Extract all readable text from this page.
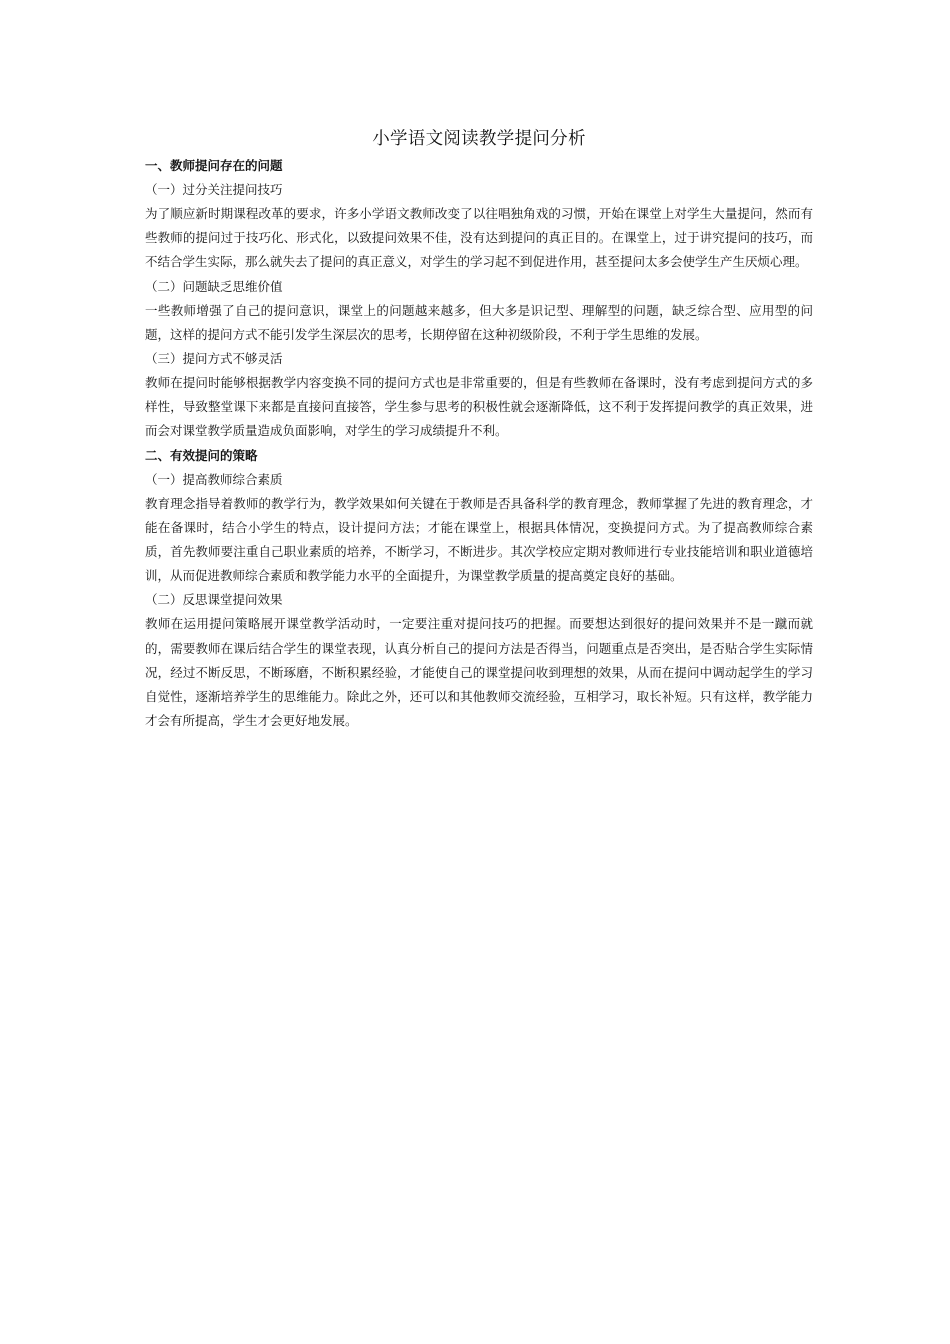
小学语文阅读教学提问分析
一、教师提问存在的问题

（一）过分关注提问技巧

为了顺应新时期课程改革的要求，许多小学语文教师改变了以往唱独角戏的习惯，开始在课堂上对学生大量提问，然而有些教师的提问过于技巧化、形式化，以致提问效果不佳，没有达到提问的真正目的。在课堂上，过于讲究提问的技巧，而不结合学生实际，那么就失去了提问的真正意义，对学生的学习起不到促进作用，甚至提问太多会使学生产生厌烦心理。

（二）问题缺乏思维价值

一些教师增强了自己的提问意识，课堂上的问题越来越多，但大多是识记型、理解型的问题，缺乏综合型、应用型的问题，这样的提问方式不能引发学生深层次的思考，长期停留在这种初级阶段，不利于学生思维的发展。

（三）提问方式不够灵活

教师在提问时能够根据教学内容变换不同的提问方式也是非常重要的，但是有些教师在备课时，没有考虑到提问方式的多样性，导致整堂课下来都是直接问直接答，学生参与思考的积极性就会逐渐降低，这不利于发挥提问教学的真正效果，进而会对课堂教学质量造成负面影响，对学生的学习成绩提升不利。

二、有效提问的策略

（一）提高教师综合素质

教育理念指导着教师的教学行为，教学效果如何关键在于教师是否具备科学的教育理念，教师掌握了先进的教育理念，才能在备课时，结合小学生的特点，设计提问方法；才能在课堂上，根据具体情况，变换提问方式。为了提高教师综合素质，首先教师要注重自己职业素质的培养，不断学习，不断进步。其次学校应定期对教师进行专业技能培训和职业道德培训，从而促进教师综合素质和教学能力水平的全面提升，为课堂教学质量的提高奠定良好的基础。

（二）反思课堂提问效果

教师在运用提问策略展开课堂教学活动时，一定要注重对提问技巧的把握。而要想达到很好的提问效果并不是一蹴而就的，需要教师在课后结合学生的课堂表现，认真分析自己的提问方法是否得当，问题重点是否突出，是否贴合学生实际情况，经过不断反思，不断琢磨，不断积累经验，才能使自己的课堂提问收到理想的效果，从而在提问中调动起学生的学习自觉性，逐渐培养学生的思维能力。除此之外，还可以和其他教师交流经验，互相学习，取长补短。只有这样，教学能力才会有所提高，学生才会更好地发展。
